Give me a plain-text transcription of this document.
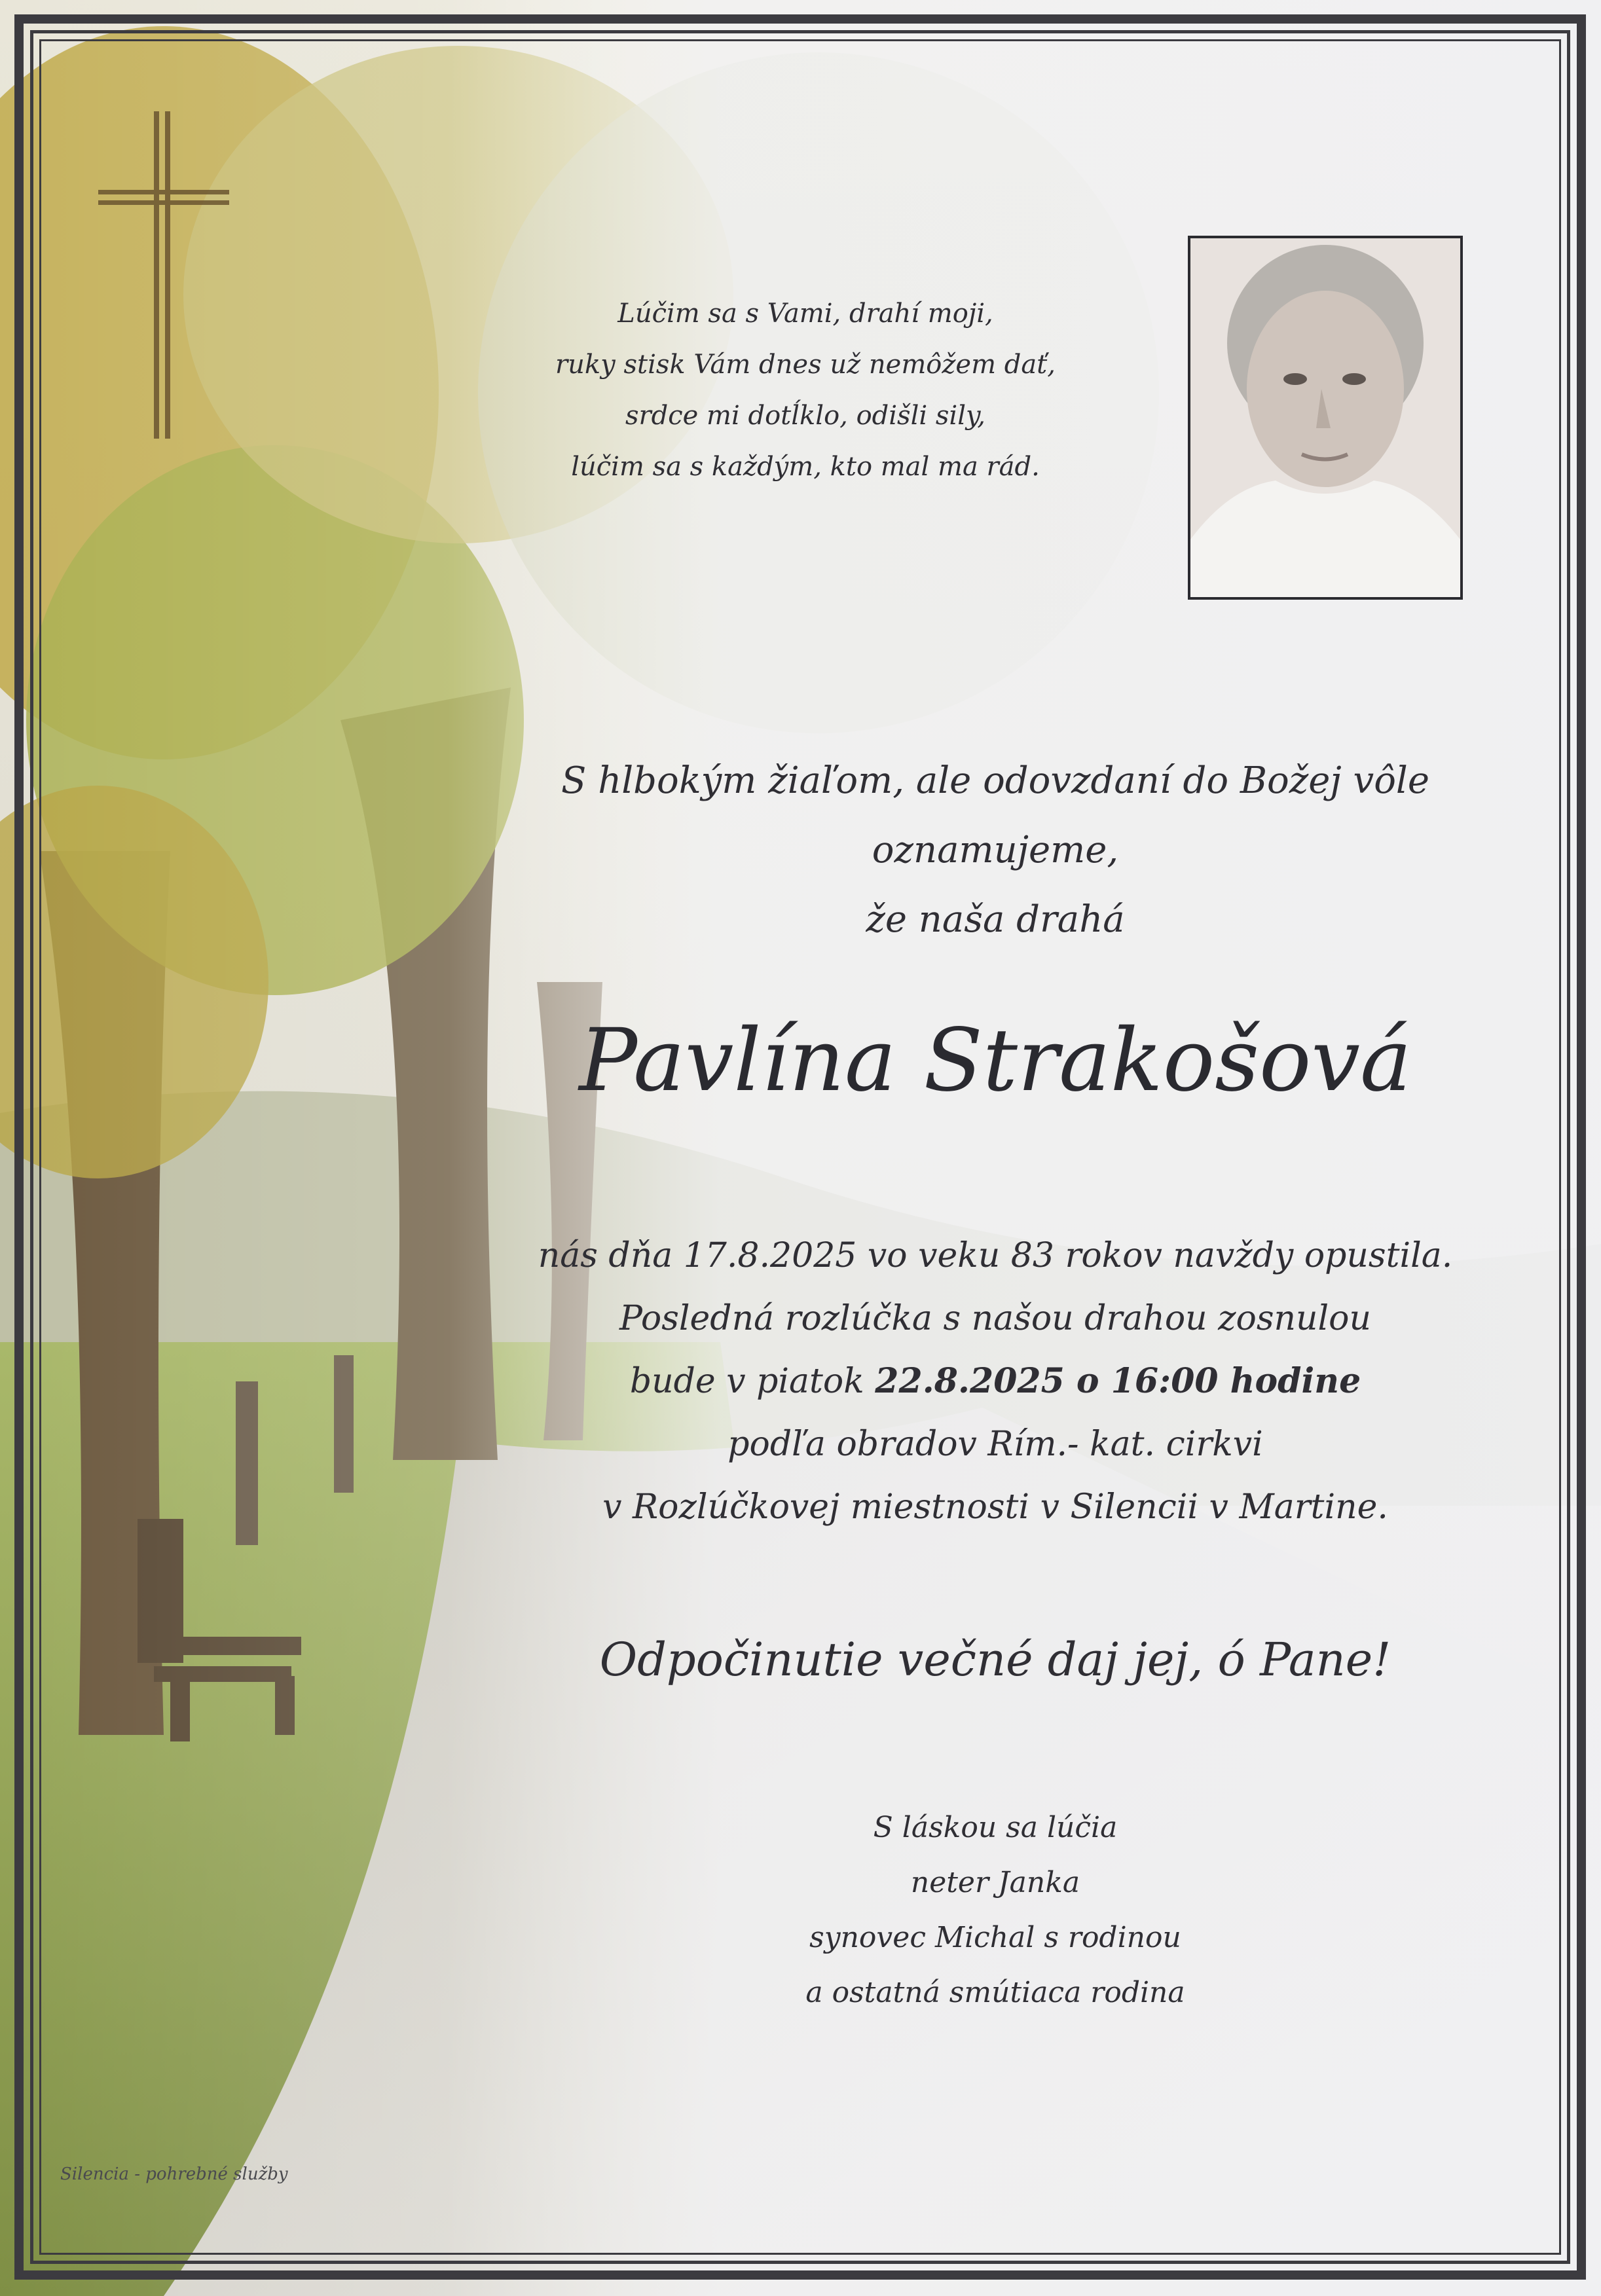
Lúčim sa s Vami, drahí moji,
ruky stisk Vám dnes už nemôžem dať,
srdce mi dotĺklo, odišli sily,
lúčim sa s každým, kto mal ma rád.
S hlbokým žiaľom, ale odovzdaní do Božej vôle oznamujeme,
že naša drahá
Pavlína Strakošová
nás dňa 17.8.2025 vo veku 83 rokov navždy opustila.
Posledná rozlúčka s našou drahou zosnulou
bude v piatok 22.8.2025 o 16:00 hodine
podľa obradov Rím.- kat. cirkvi
v Rozlúčkovej miestnosti v Silencii v Martine.
Odpočinutie večné daj jej, ó Pane!
S láskou sa lúčia
neter Janka
synovec Michal s rodinou
a ostatná smútiaca rodina
Silencia - pohrebné služby
